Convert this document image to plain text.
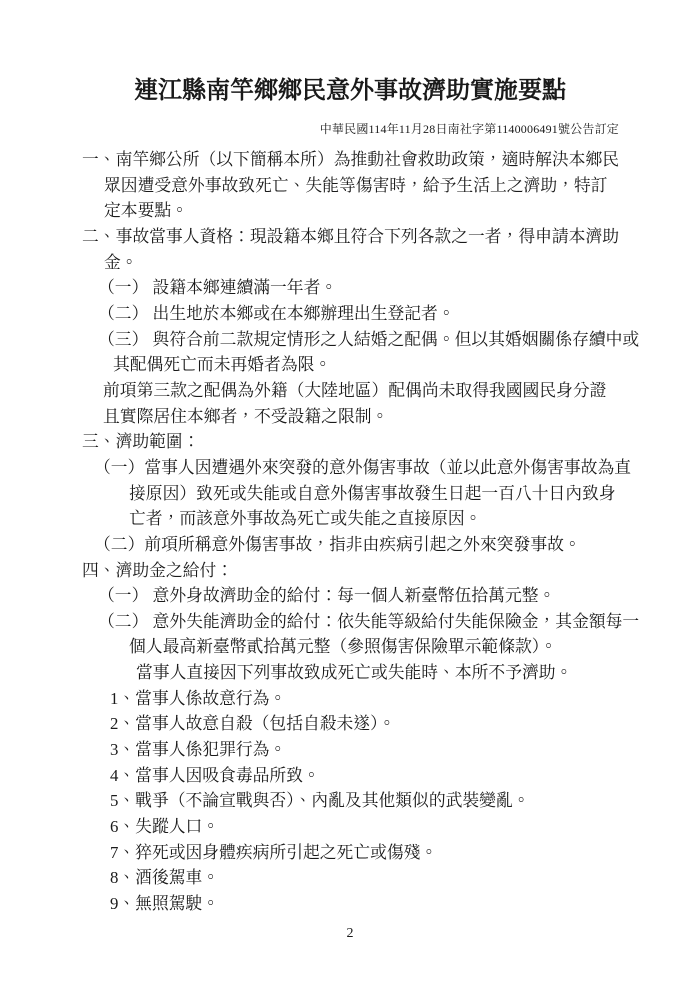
連江縣南竿鄉鄉民意外事故濟助實施要點
中華民國114年11月28日南社字第1140006491號公告訂定
一、南竿鄉公所（以下簡稱本所）為推動社會救助政策，適時解決本鄉民
眾因遭受意外事故致死亡、失能等傷害時，給予生活上之濟助，特訂
定本要點。
二、事故當事人資格：現設籍本鄉且符合下列各款之一者，得申請本濟助
金。
（一） 設籍本鄉連續滿一年者。
（二） 出生地於本鄉或在本鄉辦理出生登記者。
（三） 與符合前二款規定情形之人結婚之配偶。但以其婚姻關係存續中或
其配偶死亡而未再婚者為限。
前項第三款之配偶為外籍（大陸地區）配偶尚未取得我國國民身分證
且實際居住本鄉者，不受設籍之限制。
三、濟助範圍：
（一）當事人因遭遇外來突發的意外傷害事故（並以此意外傷害事故為直
接原因）致死或失能或自意外傷害事故發生日起一百八十日內致身
亡者，而該意外事故為死亡或失能之直接原因。
（二）前項所稱意外傷害事故，指非由疾病引起之外來突發事故。
四、濟助金之給付：
（一） 意外身故濟助金的給付：每一個人新臺幣伍拾萬元整。
（二） 意外失能濟助金的給付：依失能等級給付失能保險金，其金額每一
個人最高新臺幣貳拾萬元整（參照傷害保險單示範條款）。
當事人直接因下列事故致成死亡或失能時、本所不予濟助。
1、當事人係故意行為。
2、當事人故意自殺（包括自殺未遂）。
3、當事人係犯罪行為。
4、當事人因吸食毒品所致。
5、戰爭（不論宣戰與否）、內亂及其他類似的武裝變亂。
6、失蹤人口。
7、猝死或因身體疾病所引起之死亡或傷殘。
8、酒後駕車。
9、無照駕駛。
2
